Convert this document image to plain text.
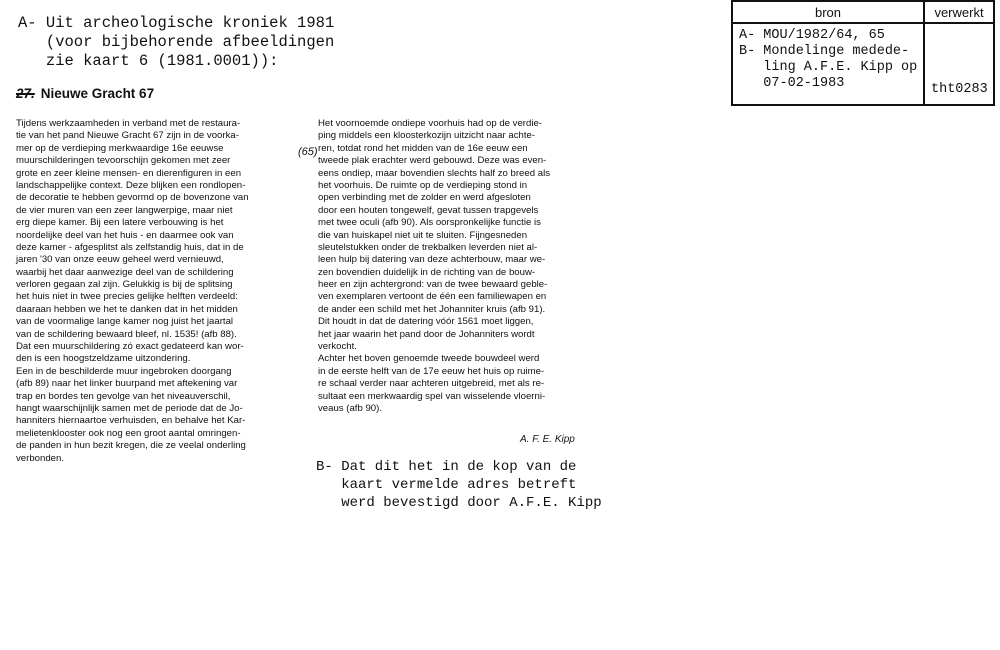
A- Uit archeologische kroniek 1981
(voor bijbehorende afbeeldingen
zie kaart 6 (1981.0001)):
27. Nieuwe Gracht 67
Tijdens werkzaamheden in verband met de restaura-
tie van het pand Nieuwe Gracht 67 zijn in de voorka-
mer op de verdieping merkwaardige 16e eeuwse
muurschilderingen tevoorschijn gekomen met zeer
grote en zeer kleine mensen- en dierenfiguren in een
landschappelijke context. Deze blijken een rondlopen-
de decoratie te hebben gevormd op de bovenzone van
de vier muren van een zeer langwerpige, maar niet
erg diepe kamer. Bij een latere verbouwing is het
noordelijke deel van het huis - en daarmee ook van
deze kamer - afgesplitst als zelfstandig huis, dat in de
jaren '30 van onze eeuw geheel werd vernieuwd,
waarbij het daar aanwezige deel van de schildering
verloren gegaan zal zijn. Gelukkig is bij de splitsing
het huis niet in twee precies gelijke helften verdeeld:
daaraan hebben we het te danken dat in het midden
van de voormalige lange kamer nog juist het jaartal
van de schildering bewaard bleef, nl. 1535! (afb 88).
Dat een muurschildering zó exact gedateerd kan wor-
den is een hoogstzeldzame uitzondering.
Een in de beschilderde muur ingebroken doorgang
(afb 89) naar het linker buurpand met aftekening var
trap en bordes ten gevolge van het niveauverschil,
hangt waarschijnlijk samen met de periode dat de Jo-
hanniters hiernaartoe verhuisden, en behalve het Kar-
melietenklooster ook nog een groot aantal omringen-
de panden in hun bezit kregen, die ze veelal onderling
verbonden.
(65)
Het voornoemde ondiepe voorhuis had op de verdie-
ping middels een kloosterkozijn uitzicht naar achte-
ren, totdat rond het midden van de 16e eeuw een
tweede plak erachter werd gebouwd. Deze was even-
eens ondiep, maar bovendien slechts half zo breed als
het voorhuis. De ruimte op de verdieping stond in
open verbinding met de zolder en werd afgesloten
door een houten tongewelf, gevat tussen trapgevels
met twee oculi (afb 90). Als oorspronkelijke functie is
die van huiskapel niet uit te sluiten. Fijngesneden
sleutelstukken onder de trekbalken leverden niet al-
leen hulp bij datering van deze achterbouw, maar we-
zen bovendien duidelijk in de richting van de bouw-
heer en zijn achtergrond: van de twee bewaard geble-
ven exemplaren vertoont de één een familiewapen en
de ander een schild met het Johanniter kruis (afb 91).
Dit houdt in dat de datering vóór 1561 moet liggen,
het jaar waarin het pand door de Johanniters wordt
verkocht.
Achter het boven genoemde tweede bouwdeel werd
in de eerste helft van de 17e eeuw het huis op ruime-
re schaal verder naar achteren uitgebreid, met als re-
sultaat een merkwaardig spel van wisselende vloerni-
veaus (afb 90).
A. F. E. Kipp
B- Dat dit het in de kop van de
kaart vermelde adres betreft
werd bevestigd door A.F.E. Kipp
bron	verwerkt
A- MOU/1982/64, 65
B- Mondelinge medede-
ling A.F.E. Kipp op
07-02-1983	tht0283
